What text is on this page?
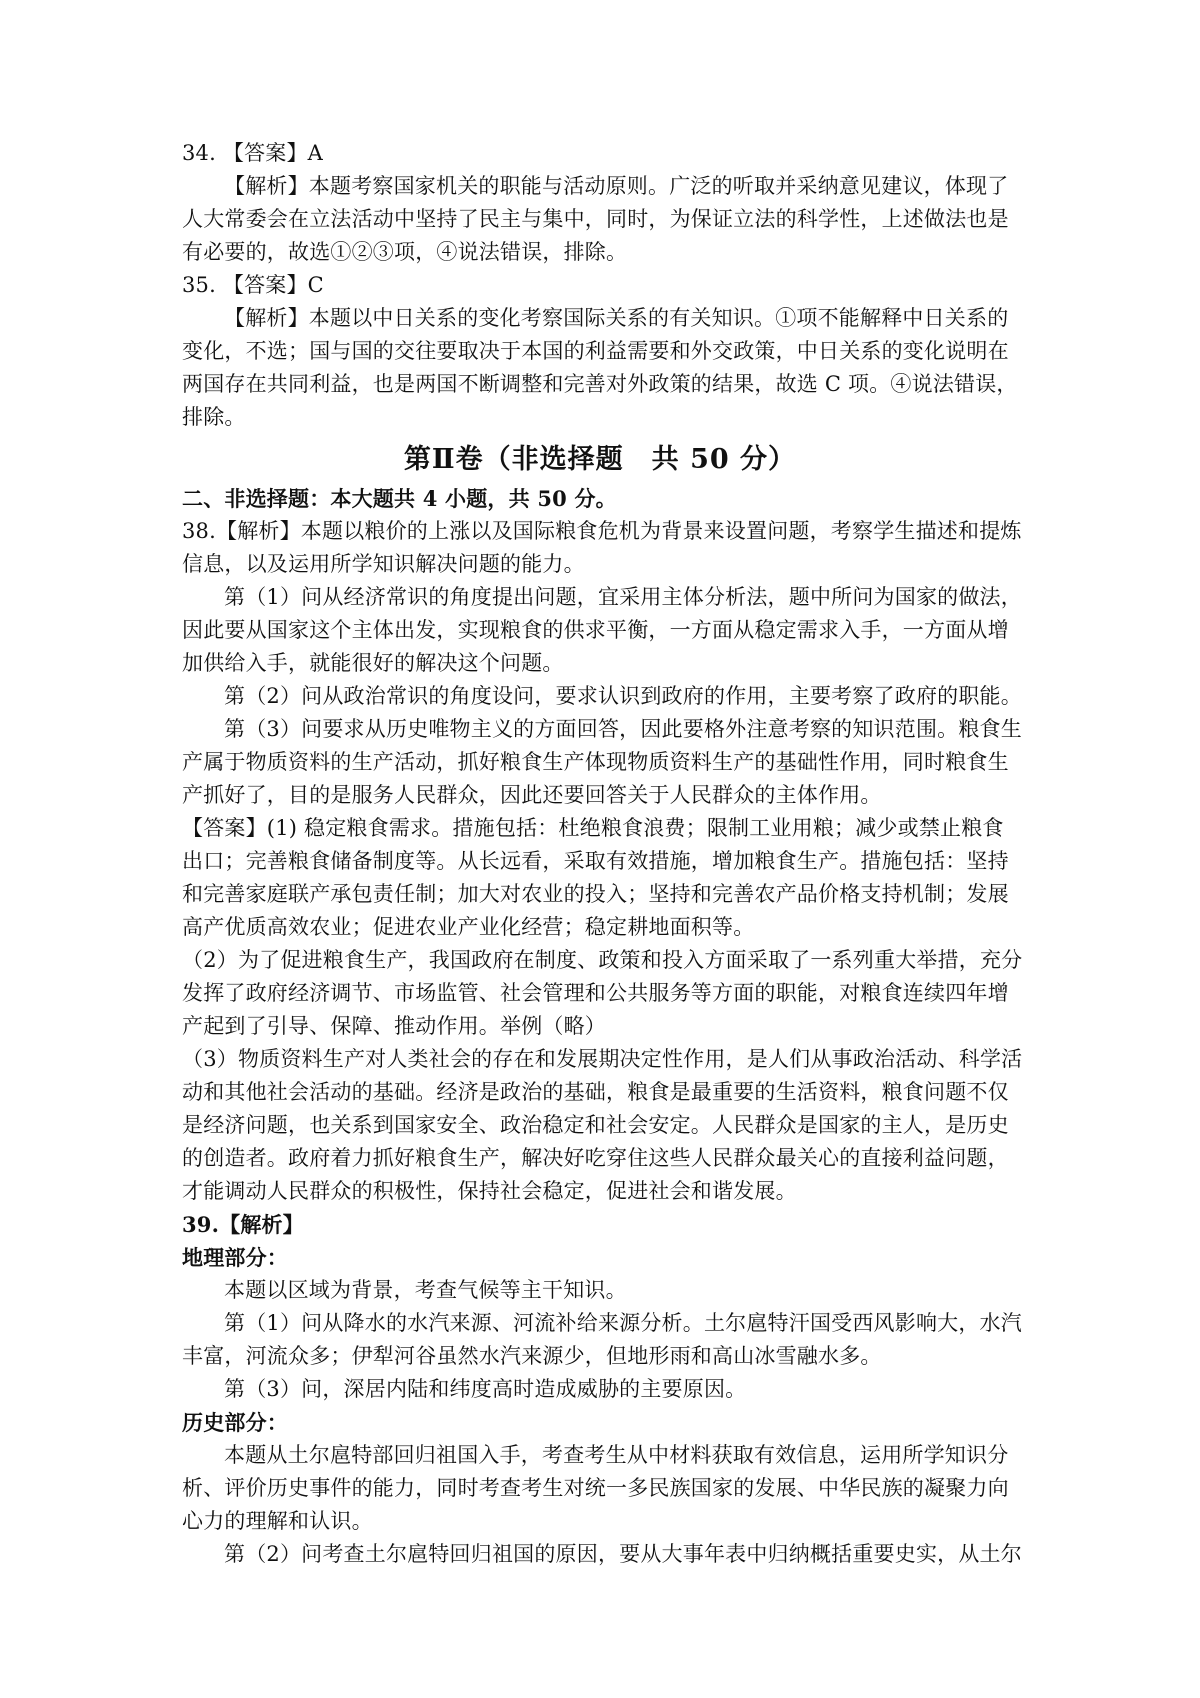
34. 【答案】A
【解析】本题考察国家机关的职能与活动原则。广泛的听取并采纳意见建议，体现了
人大常委会在立法活动中坚持了民主与集中，同时，为保证立法的科学性，上述做法也是
有必要的，故选①②③项，④说法错误，排除。
35. 【答案】C
【解析】本题以中日关系的变化考察国际关系的有关知识。①项不能解释中日关系的
变化，不选；国与国的交往要取决于本国的利益需要和外交政策，中日关系的变化说明在
两国存在共同利益，也是两国不断调整和完善对外政策的结果，故选 C 项。④说法错误，
排除。
第Ⅱ卷（非选择题　共 50 分）
二、非选择题：本大题共 4 小题，共 50 分。
38.【解析】本题以粮价的上涨以及国际粮食危机为背景来设置问题，考察学生描述和提炼
信息，以及运用所学知识解决问题的能力。
第（1）问从经济常识的角度提出问题，宜采用主体分析法，题中所问为国家的做法，
因此要从国家这个主体出发，实现粮食的供求平衡，一方面从稳定需求入手，一方面从增
加供给入手，就能很好的解决这个问题。
第（2）问从政治常识的角度设问，要求认识到政府的作用，主要考察了政府的职能。
第（3）问要求从历史唯物主义的方面回答，因此要格外注意考察的知识范围。粮食生
产属于物质资料的生产活动，抓好粮食生产体现物质资料生产的基础性作用，同时粮食生
产抓好了，目的是服务人民群众，因此还要回答关于人民群众的主体作用。
【答案】(1) 稳定粮食需求。措施包括：杜绝粮食浪费；限制工业用粮；减少或禁止粮食
出口；完善粮食储备制度等。从长远看，采取有效措施，增加粮食生产。措施包括：坚持
和完善家庭联产承包责任制；加大对农业的投入；坚持和完善农产品价格支持机制；发展
高产优质高效农业；促进农业产业化经营；稳定耕地面积等。
（2）为了促进粮食生产，我国政府在制度、政策和投入方面采取了一系列重大举措，充分
发挥了政府经济调节、市场监管、社会管理和公共服务等方面的职能，对粮食连续四年增
产起到了引导、保障、推动作用。举例（略）
（3）物质资料生产对人类社会的存在和发展期决定性作用，是人们从事政治活动、科学活
动和其他社会活动的基础。经济是政治的基础，粮食是最重要的生活资料，粮食问题不仅
是经济问题，也关系到国家安全、政治稳定和社会安定。人民群众是国家的主人，是历史
的创造者。政府着力抓好粮食生产，解决好吃穿住这些人民群众最关心的直接利益问题，
才能调动人民群众的积极性，保持社会稳定，促进社会和谐发展。
39.【解析】
地理部分：
本题以区域为背景，考查气候等主干知识。
第（1）问从降水的水汽来源、河流补给来源分析。土尔扈特汗国受西风影响大，水汽
丰富，河流众多；伊犁河谷虽然水汽来源少，但地形雨和高山冰雪融水多。
第（3）问，深居内陆和纬度高时造成威胁的主要原因。
历史部分：
本题从土尔扈特部回归祖国入手，考查考生从中材料获取有效信息，运用所学知识分
析、评价历史事件的能力，同时考查考生对统一多民族国家的发展、中华民族的凝聚力向
心力的理解和认识。
第（2）问考查土尔扈特回归祖国的原因，要从大事年表中归纳概括重要史实，从土尔
